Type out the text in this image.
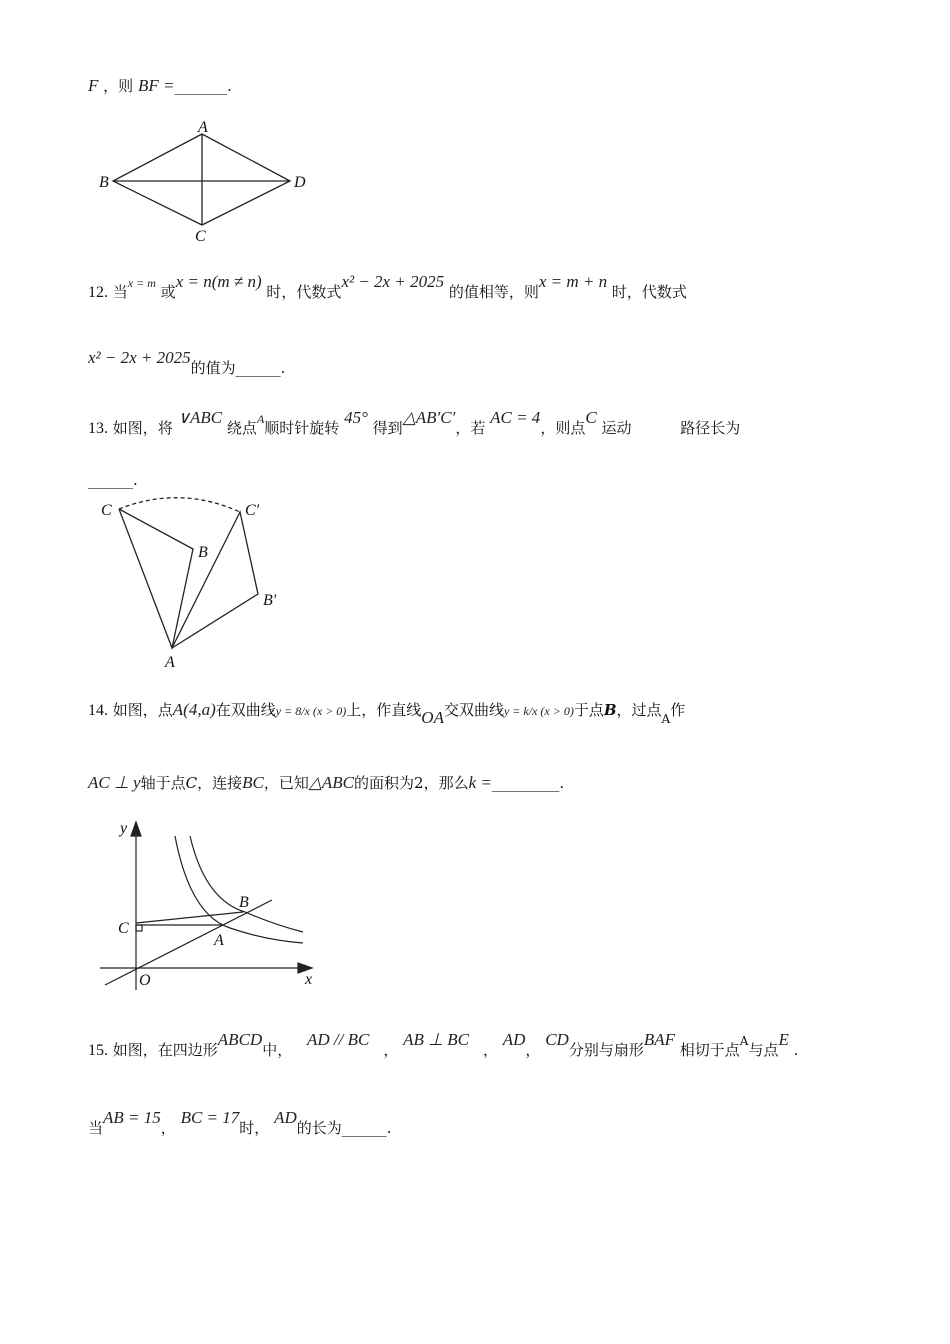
F ，则 BF =_______.
12. 当$^{x = m}$ 或x = n(m ≠ n) 时，代数式x² − 2x + 2025 的值相等，则x = m + n 时，代数式
x² − 2x + 2025的值为______.
13. 如图，将 ∨ABC 绕点$^A$顺时针旋转 45° 得到△AB′C′，若 AC = 4，则点C 运动	路径长为
______.
14. 如图，点A(4,a)在双曲线y = 8/x (x > 0)上，作直线OA交双曲线y = k/x (x > 0)于点B，过点$_A$作
AC ⊥ y轴于点C，连接BC，已知△ABC的面积为2，那么k =_________.
15. 如图，在四边形ABCD中， AD // BC， AB ⊥ BC， AD， CD分别与扇形BAF 相切于点$^A$与点E .
当AB = 15， BC = 17时， AD的长为______.
A
B
C
D
C	C′
B
B′
A
y
x
O
C
A
B
